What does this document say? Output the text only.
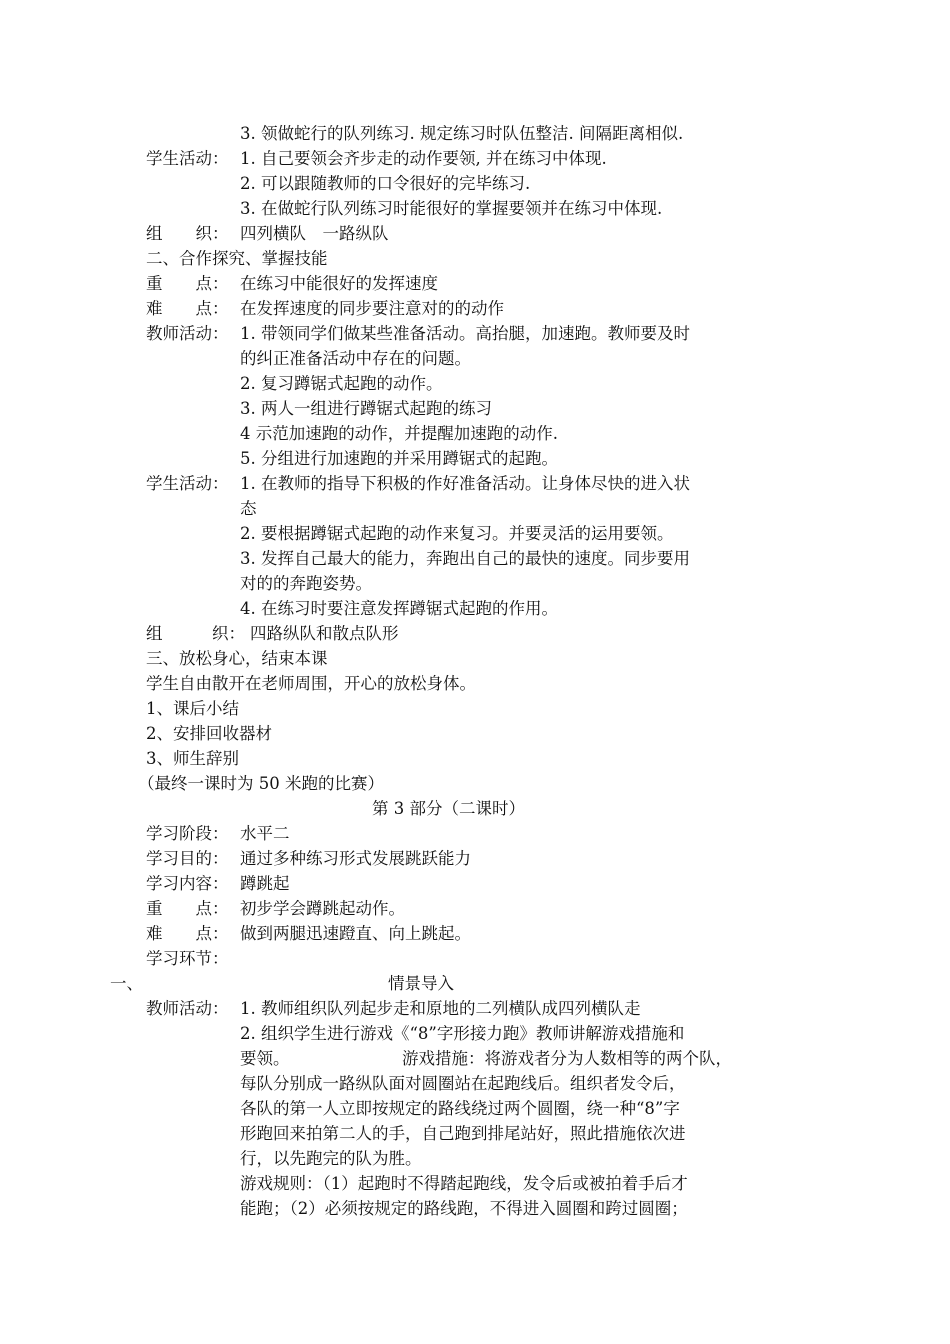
3. 领做蛇行的队列练习. 规定练习时队伍整洁. 间隔距离相似.
学生活动： 1. 自己要领会齐步走的动作要领, 并在练习中体现.
2. 可以跟随教师的口令很好的完毕练习.
3. 在做蛇行队列练习时能很好的掌握要领并在练习中体现.
组　　织： 四列横队　一路纵队
二、合作探究、掌握技能
重　　点： 在练习中能很好的发挥速度
难　　点： 在发挥速度的同步要注意对的的动作
教师活动： 1. 带领同学们做某些准备活动。高抬腿，加速跑。教师要及时
的纠正准备活动中存在的问题。
2. 复习蹲锯式起跑的动作。
3. 两人一组进行蹲锯式起跑的练习
4 示范加速跑的动作，并提醒加速跑的动作.
5. 分组进行加速跑的并采用蹲锯式的起跑。
学生活动： 1. 在教师的指导下积极的作好准备活动。让身体尽快的进入状
态
2. 要根据蹲锯式起跑的动作来复习。并要灵活的运用要领。
3. 发挥自己最大的能力，奔跑出自己的最快的速度。同步要用
对的的奔跑姿势。
4. 在练习时要注意发挥蹲锯式起跑的作用。
组　　　织： 四路纵队和散点队形
三、放松身心，结束本课
学生自由散开在老师周围，开心的放松身体。
1、课后小结
2、安排回收器材
3、师生辞别
（最终一课时为 50 米跑的比赛）
第 3 部分（二课时）
学习阶段： 水平二
学习目的： 通过多种练习形式发展跳跃能力
学习内容： 蹲跳起
重　　点： 初步学会蹲跳起动作。
难　　点： 做到两腿迅速蹬直、向上跳起。
学习环节：
一、	情景导入
教师活动： 1. 教师组织队列起步走和原地的二列横队成四列横队走
2. 组织学生进行游戏《“8”字形接力跑》教师讲解游戏措施和
要领。	游戏措施：将游戏者分为人数相等的两个队，
每队分别成一路纵队面对圆圈站在起跑线后。组织者发令后，
各队的第一人立即按规定的路线绕过两个圆圈，绕一种“8”字
形跑回来拍第二人的手，自己跑到排尾站好，照此措施依次进
行，以先跑完的队为胜。
游戏规则：（1）起跑时不得踏起跑线，发令后或被拍着手后才
能跑；（2）必须按规定的路线跑，不得进入圆圈和跨过圆圈；
